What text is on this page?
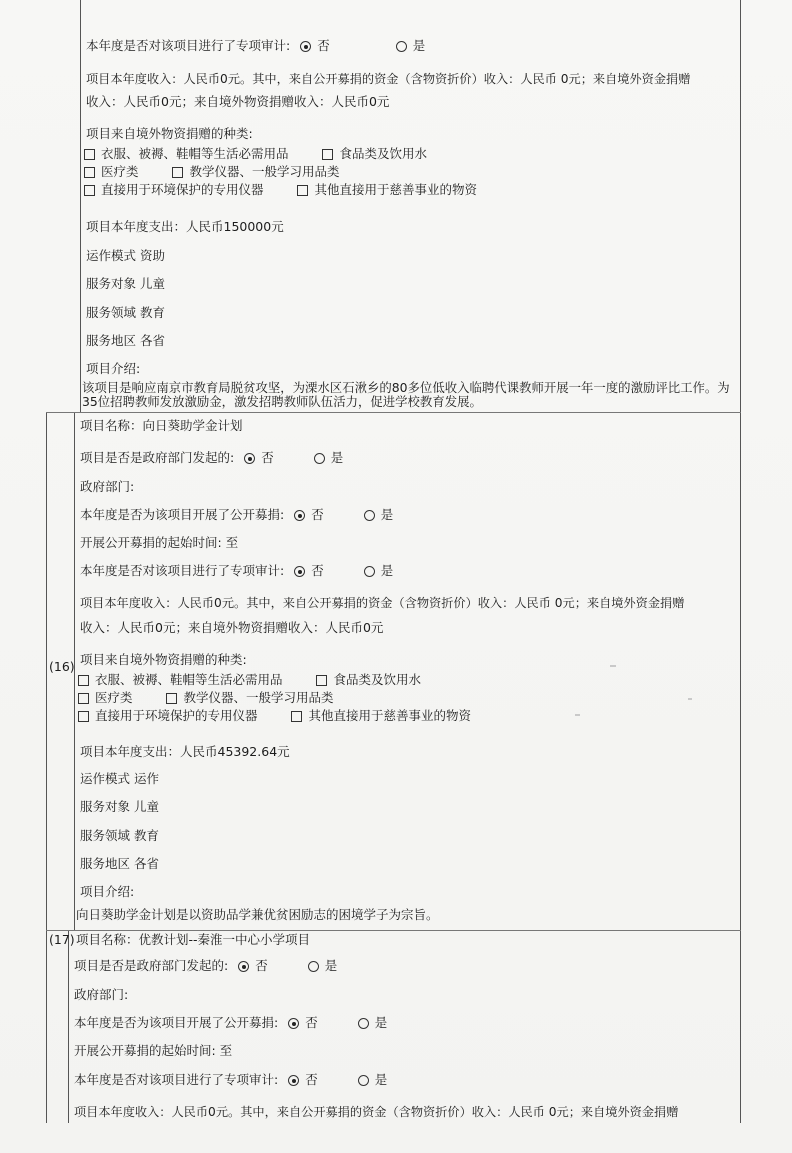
本年度是否对该项目进行了专项审计: 否	是
项目本年度收入：人民币0元。其中，来自公开募捐的资金（含物资折价）收入：人民币 0元；来自境外资金捐赠
收入：人民币0元；来自境外物资捐赠收入：人民币0元
项目来自境外物资捐赠的种类:
衣服、被褥、鞋帽等生活必需用品	食品类及饮用水
医疗类	教学仪器、一般学习用品类
直接用于环境保护的专用仪器	其他直接用于慈善事业的物资
项目本年度支出：人民币150000元
运作模式 资助
服务对象 儿童
服务领域 教育
服务地区 各省
项目介绍:
该项目是响应南京市教育局脱贫攻坚，为溧水区石湫乡的80多位低收入临聘代课教师开展一年一度的激励评比工作。为35位招聘教师发放激励金，激发招聘教师队伍活力，促进学校教育发展。
(16)
项目名称：向日葵助学金计划
项目是否是政府部门发起的: 否	是
政府部门:
本年度是否为该项目开展了公开募捐: 否	是
开展公开募捐的起始时间: 至
本年度是否对该项目进行了专项审计: 否	是
项目本年度收入：人民币0元。其中，来自公开募捐的资金（含物资折价）收入：人民币 0元；来自境外资金捐赠
收入：人民币0元；来自境外物资捐赠收入：人民币0元
项目来自境外物资捐赠的种类:
衣服、被褥、鞋帽等生活必需用品	食品类及饮用水
医疗类	教学仪器、一般学习用品类
直接用于环境保护的专用仪器	其他直接用于慈善事业的物资
项目本年度支出：人民币45392.64元
运作模式 运作
服务对象 儿童
服务领域 教育
服务地区 各省
项目介绍:
向日葵助学金计划是以资助品学兼优贫困励志的困境学子为宗旨。
(17) 项目名称：优教计划--秦淮一中心小学项目
项目是否是政府部门发起的: 否	是
政府部门:
本年度是否为该项目开展了公开募捐: 否	是
开展公开募捐的起始时间: 至
本年度是否对该项目进行了专项审计: 否	是
项目本年度收入：人民币0元。其中，来自公开募捐的资金（含物资折价）收入：人民币 0元；来自境外资金捐赠
